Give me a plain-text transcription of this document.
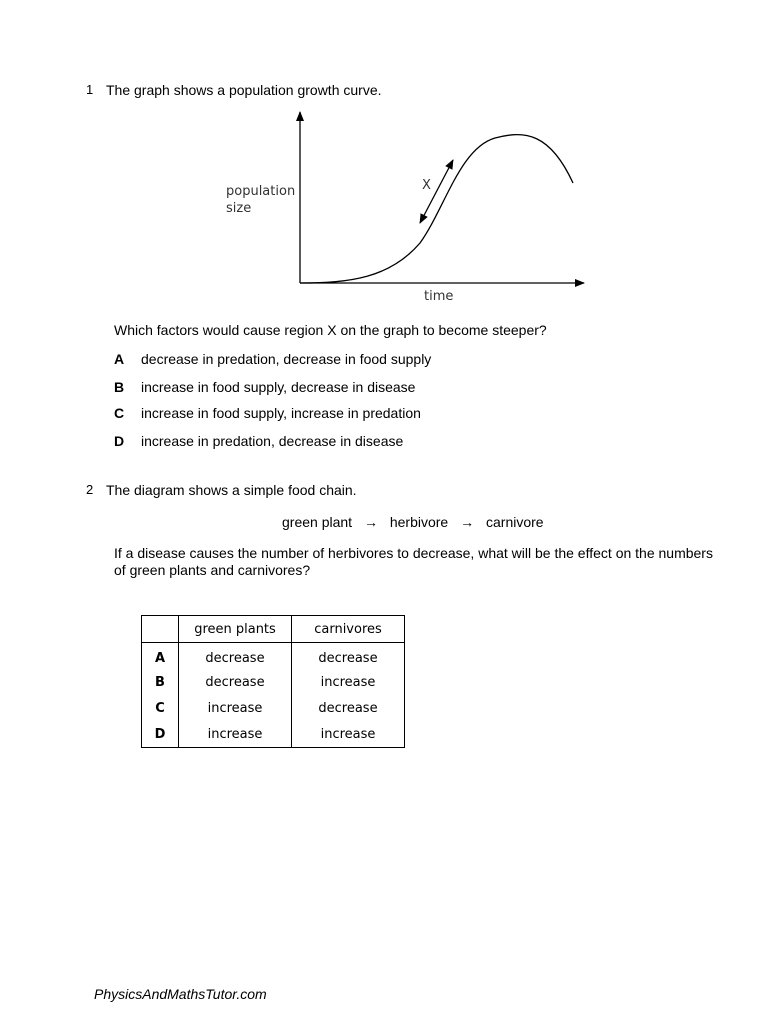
1 The graph shows a population growth curve.
X
population
size
time
Which factors would cause region X on the graph to become steeper?
A decrease in predation, decrease in food supply
B increase in food supply, decrease in disease
C increase in food supply, increase in predation
D increase in predation, decrease in disease
2 The diagram shows a simple food chain.
green plant → herbivore → carnivore
If a disease causes the number of herbivores to decrease, what will be the effect on the numbers
of green plants and carnivores?
	green plants	carnivores
A	decrease	decrease
B	decrease	increase
C	increase	decrease
D	increase	increase
PhysicsAndMathsTutor.com
